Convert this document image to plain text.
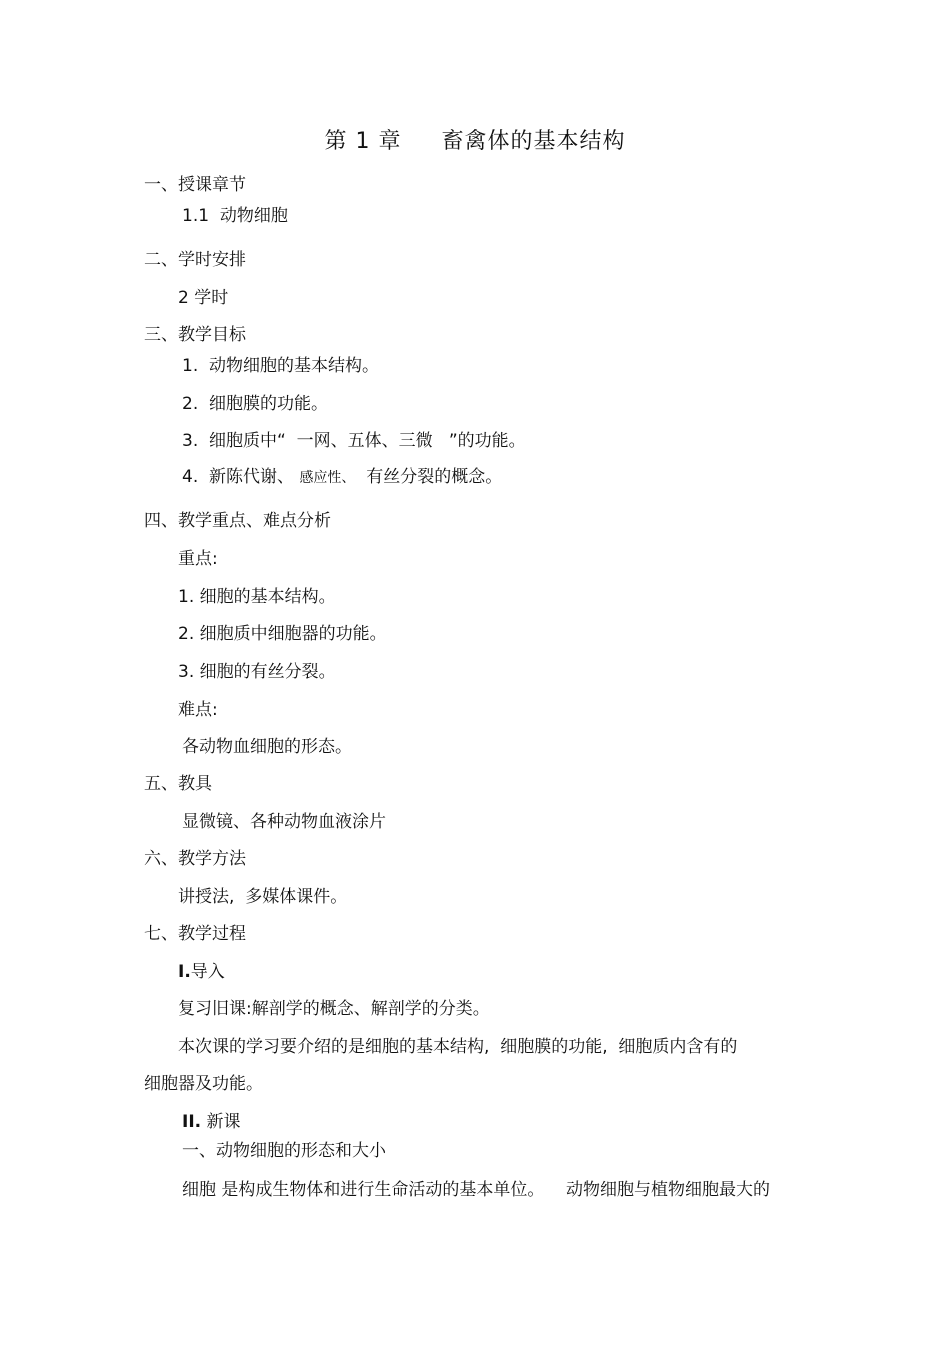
第 1 章     畜禽体的基本结构
一、授课章节
1.1  动物细胞
二、学时安排
2 学时
三、教学目标
1.  动物细胞的基本结构。
2.  细胞膜的功能。
3.  细胞质中“  一网、五体、三微   ”的功能。
4.  新陈代谢、 感应性、  有丝分裂的概念。
四、教学重点、难点分析
重点:
1. 细胞的基本结构。
2. 细胞质中细胞器的功能。
3. 细胞的有丝分裂。
难点:
各动物血细胞的形态。
五、教具
显微镜、各种动物血液涂片
六、教学方法
讲授法,  多媒体课件。
七、教学过程
Ⅰ.导入
复习旧课:解剖学的概念、解剖学的分类。
本次课的学习要介绍的是细胞的基本结构,  细胞膜的功能,  细胞质内含有的
细胞器及功能。
II. 新课
一、动物细胞的形态和大小
细胞 是构成生物体和进行生命活动的基本单位。    动物细胞与植物细胞最大的
